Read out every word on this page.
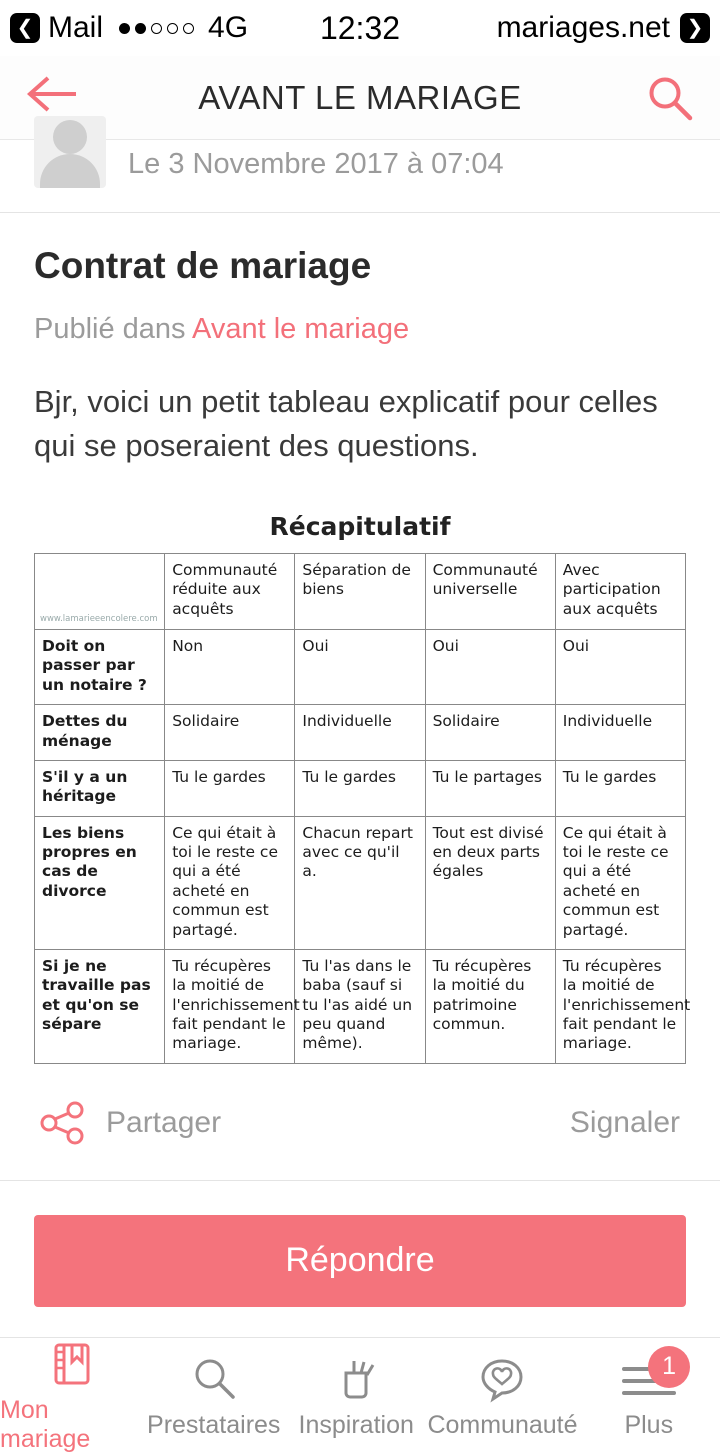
❮ Mail	4G	12:32	mariages.net ❯
AVANT LE MARIAGE
Le 3 Novembre 2017 à 07:04
Contrat de mariage
Publié dans Avant le mariage
Bjr, voici un petit tableau explicatif pour celles qui se poseraient des questions.
Récapitulatif
www.lamarieeencolere.com	Communauté réduite aux acquêts	Séparation de biens	Communauté universelle	Avec participation aux acquêts
Doit on passer par un notaire ?	Non	Oui	Oui	Oui
Dettes du ménage	Solidaire	Individuelle	Solidaire	Individuelle
S'il y a un héritage	Tu le gardes	Tu le gardes	Tu le partages	Tu le gardes
Les biens propres en cas de divorce	Ce qui était à toi le reste ce qui a été acheté en commun est partagé.	Chacun repart avec ce qu'il a.	Tout est divisé en deux parts égales	Ce qui était à toi le reste ce qui a été acheté en commun est partagé.
Si je ne travaille pas et qu'on se sépare	Tu récupères la moitié de l'enrichissement fait pendant le mariage.	Tu l'as dans le baba (sauf si tu l'as aidé un peu quand même).	Tu récupères la moitié du patrimoine commun.	Tu récupères la moitié de l'enrichissement fait pendant le mariage.
Partager	Signaler
Répondre
Mon mariage
Prestataires Inspiration Communauté Plus
1
